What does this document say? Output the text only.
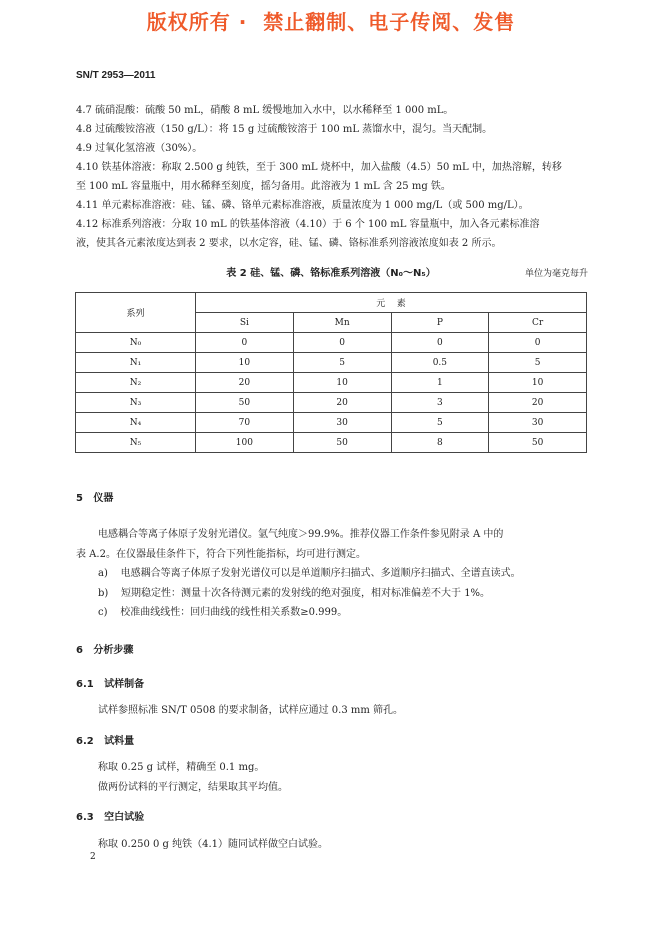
版权所有 ·  禁止翻制、电子传阅、发售
SN/T 2953—2011
4.7 硫硝混酸：硫酸 50 mL，硝酸 8 mL 缓慢地加入水中，以水稀释至 1 000 mL。
4.8 过硫酸铵溶液（150 g/L）：将 15 g 过硫酸铵溶于 100 mL 蒸馏水中，混匀。当天配制。
4.9 过氧化氢溶液（30%）。
4.10 铁基体溶液：称取 2.500 g 纯铁，至于 300 mL 烧杯中，加入盐酸（4.5）50 mL 中，加热溶解，转移
至 100 mL 容量瓶中，用水稀释至刻度，摇匀备用。此溶液为 1 mL 含 25 mg 铁。
4.11 单元素标准溶液：硅、锰、磷、铬单元素标准溶液，质量浓度为 1 000 mg/L（或 500 mg/L）。
4.12 标准系列溶液：分取 10 mL 的铁基体溶液（4.10）于 6 个 100 mL 容量瓶中，加入各元素标准溶
液，使其各元素浓度达到表 2 要求，以水定容，硅、锰、磷、铬标准系列溶液浓度如表 2 所示。
表 2 硅、锰、磷、铬标准系列溶液（N₀～N₅）	单位为毫克每升
系列	元    素			
	Si	Mn	P	Cr
N₀	0	0	0	0
N₁	10	5	0.5	5
N₂	20	10	1	10
N₃	50	20	3	20
N₄	70	30	5	30
N₅	100	50	8	50
5   仪器
电感耦合等离子体原子发射光谱仪。氩气纯度＞99.9%。推荐仪器工作条件参见附录 A 中的
表 A.2。在仪器最佳条件下，符合下列性能指标，均可进行测定。
a)    电感耦合等离子体原子发射光谱仪可以是单道顺序扫描式、多道顺序扫描式、全谱直读式。
b)    短期稳定性：测量十次各待测元素的发射线的绝对强度，相对标准偏差不大于 1%。
c)    校准曲线线性：回归曲线的线性相关系数≥0.999。
6   分析步骤
6.1   试样制备
试样参照标准 SN/T 0508 的要求制备，试样应通过 0.3 mm 筛孔。
6.2   试料量
称取 0.25 g 试样，精确至 0.1 mg。
做两份试料的平行测定，结果取其平均值。
6.3   空白试验
称取 0.250 0 g 纯铁（4.1）随同试样做空白试验。
2
